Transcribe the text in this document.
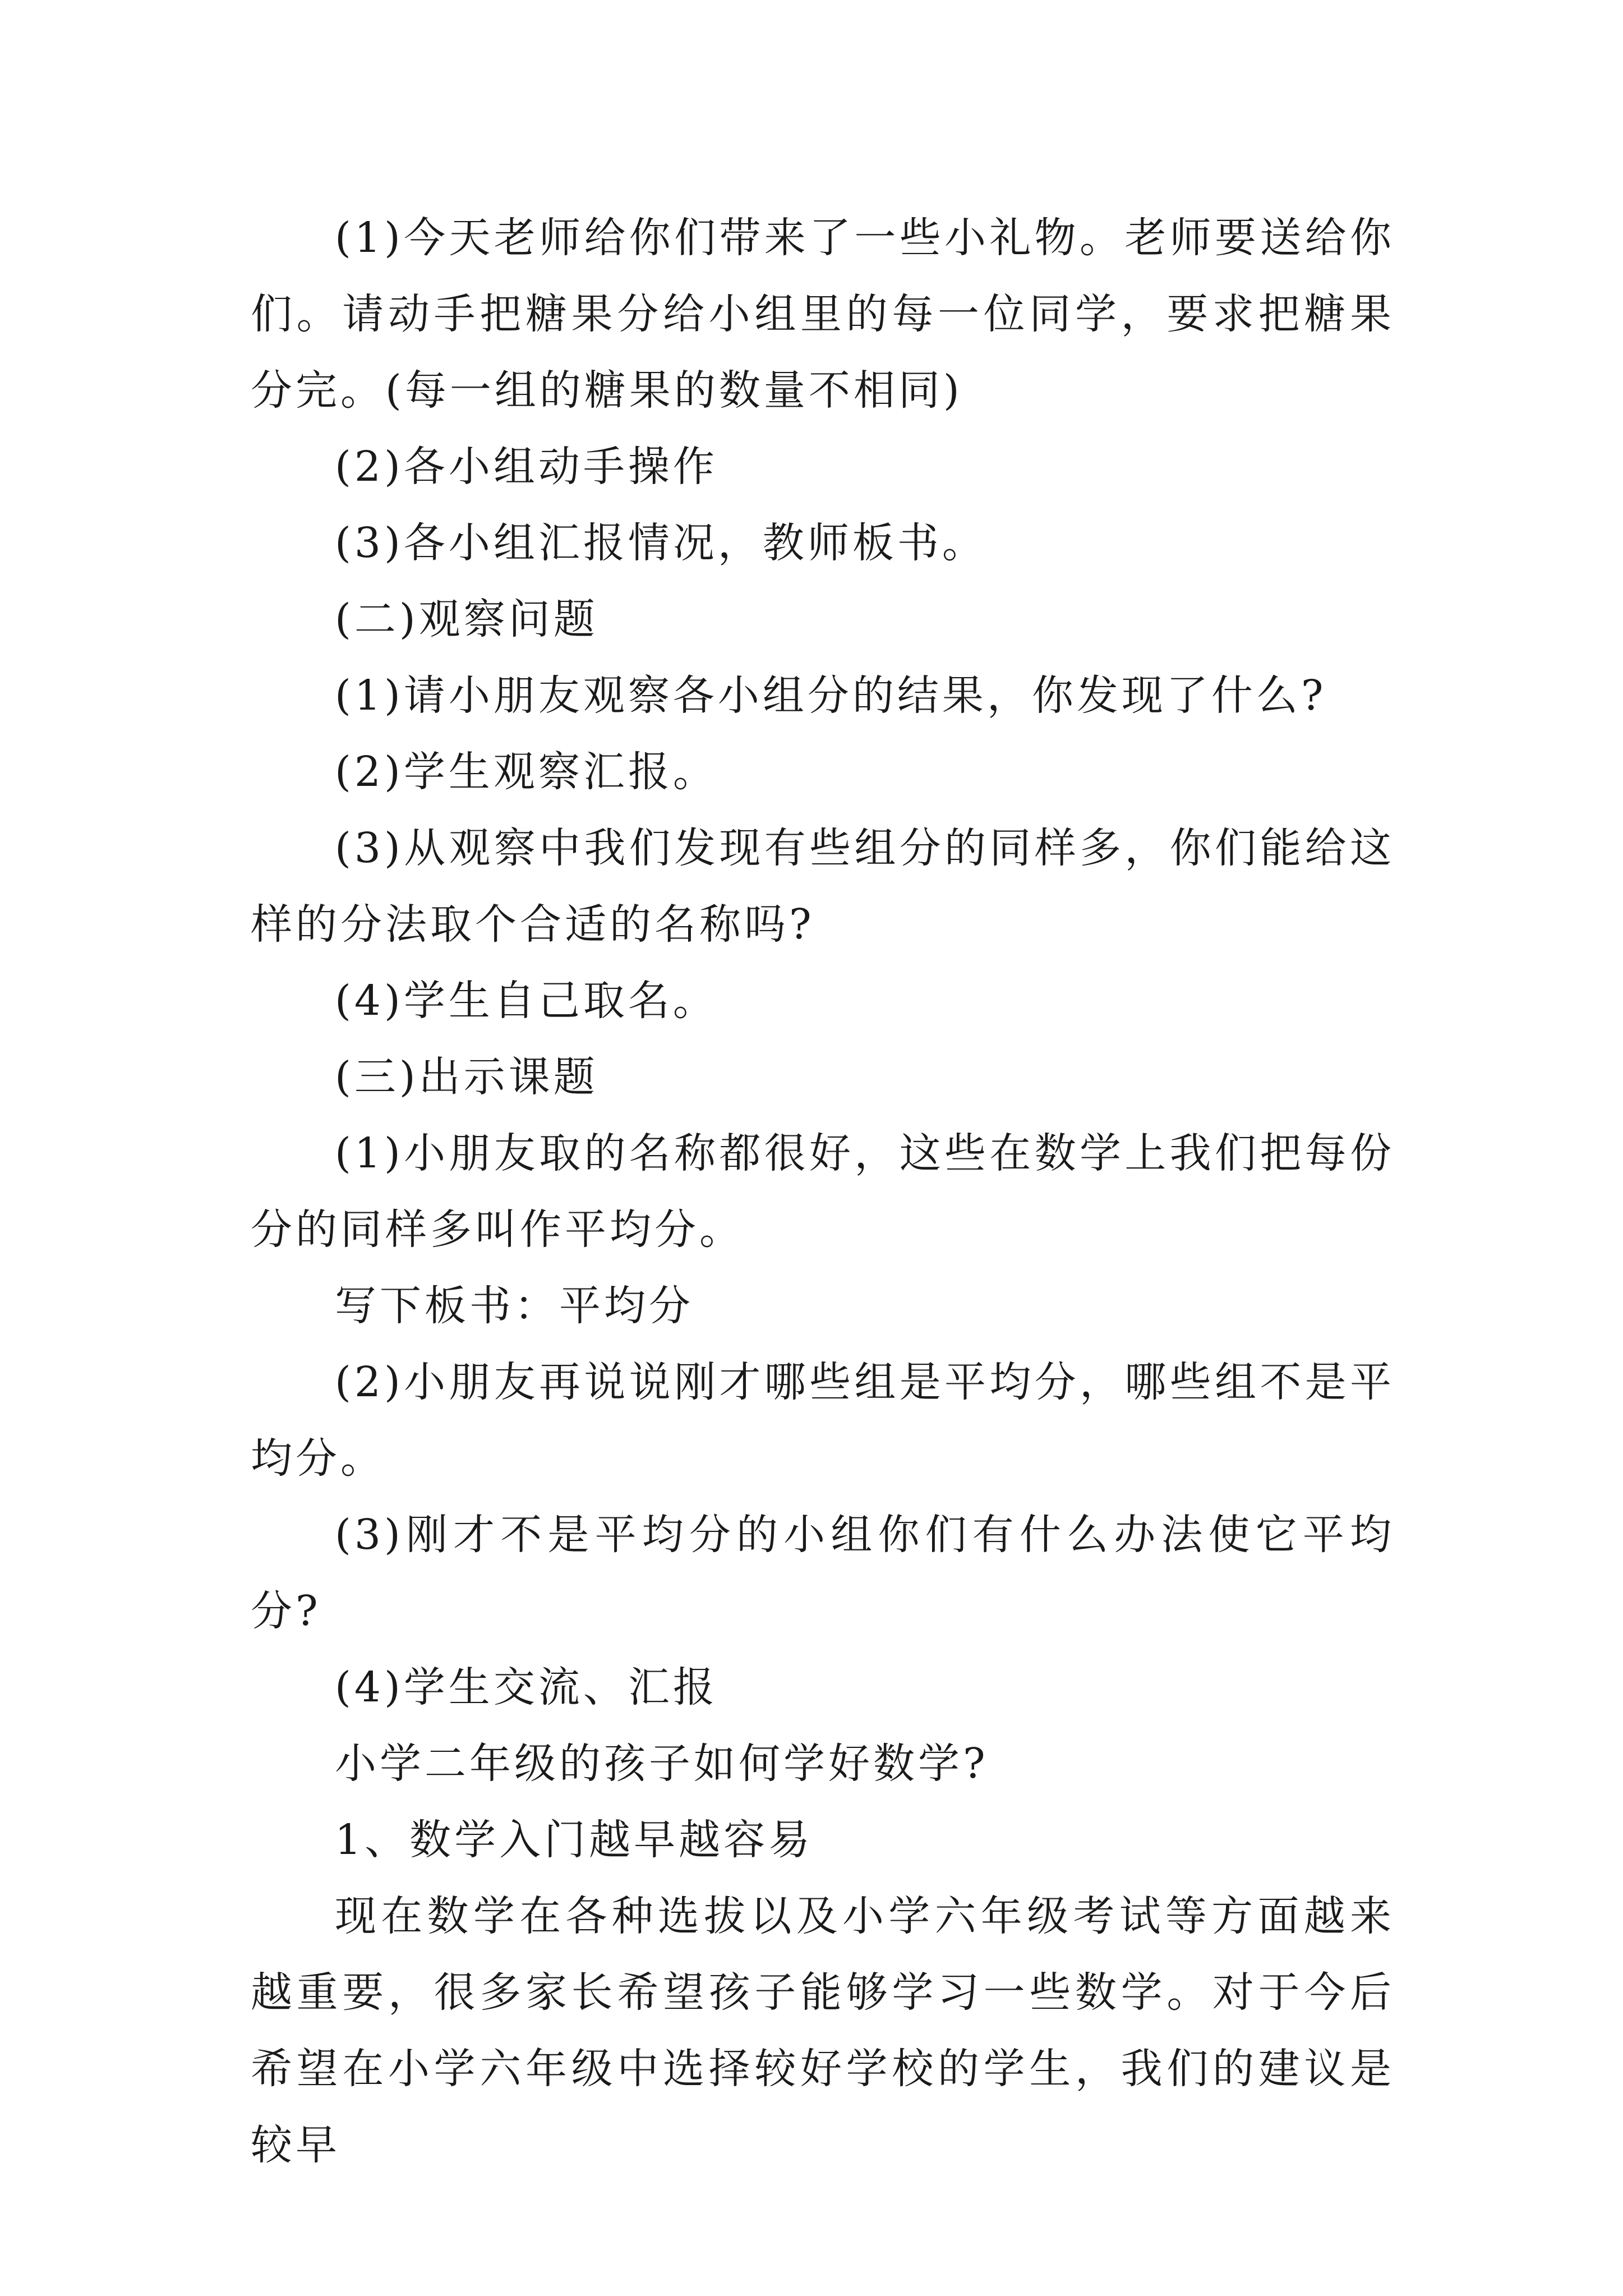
(1)今天老师给你们带来了一些小礼物。老师要送给你们。请动手把糖果分给小组里的每一位同学，要求把糖果分完。(每一组的糖果的数量不相同)

(2)各小组动手操作

(3)各小组汇报情况，教师板书。

(二)观察问题

(1)请小朋友观察各小组分的结果，你发现了什么?

(2)学生观察汇报。

(3)从观察中我们发现有些组分的同样多，你们能给这样的分法取个合适的名称吗?

(4)学生自己取名。

(三)出示课题

(1)小朋友取的名称都很好，这些在数学上我们把每份分的同样多叫作平均分。

写下板书：平均分

(2)小朋友再说说刚才哪些组是平均分，哪些组不是平均分。

(3)刚才不是平均分的小组你们有什么办法使它平均分?

(4)学生交流、汇报

小学二年级的孩子如何学好数学?

1、数学入门越早越容易

现在数学在各种选拔以及小学六年级考试等方面越来越重要，很多家长希望孩子能够学习一些数学。对于今后希望在小学六年级中选择较好学校的学生，我们的建议是较早
